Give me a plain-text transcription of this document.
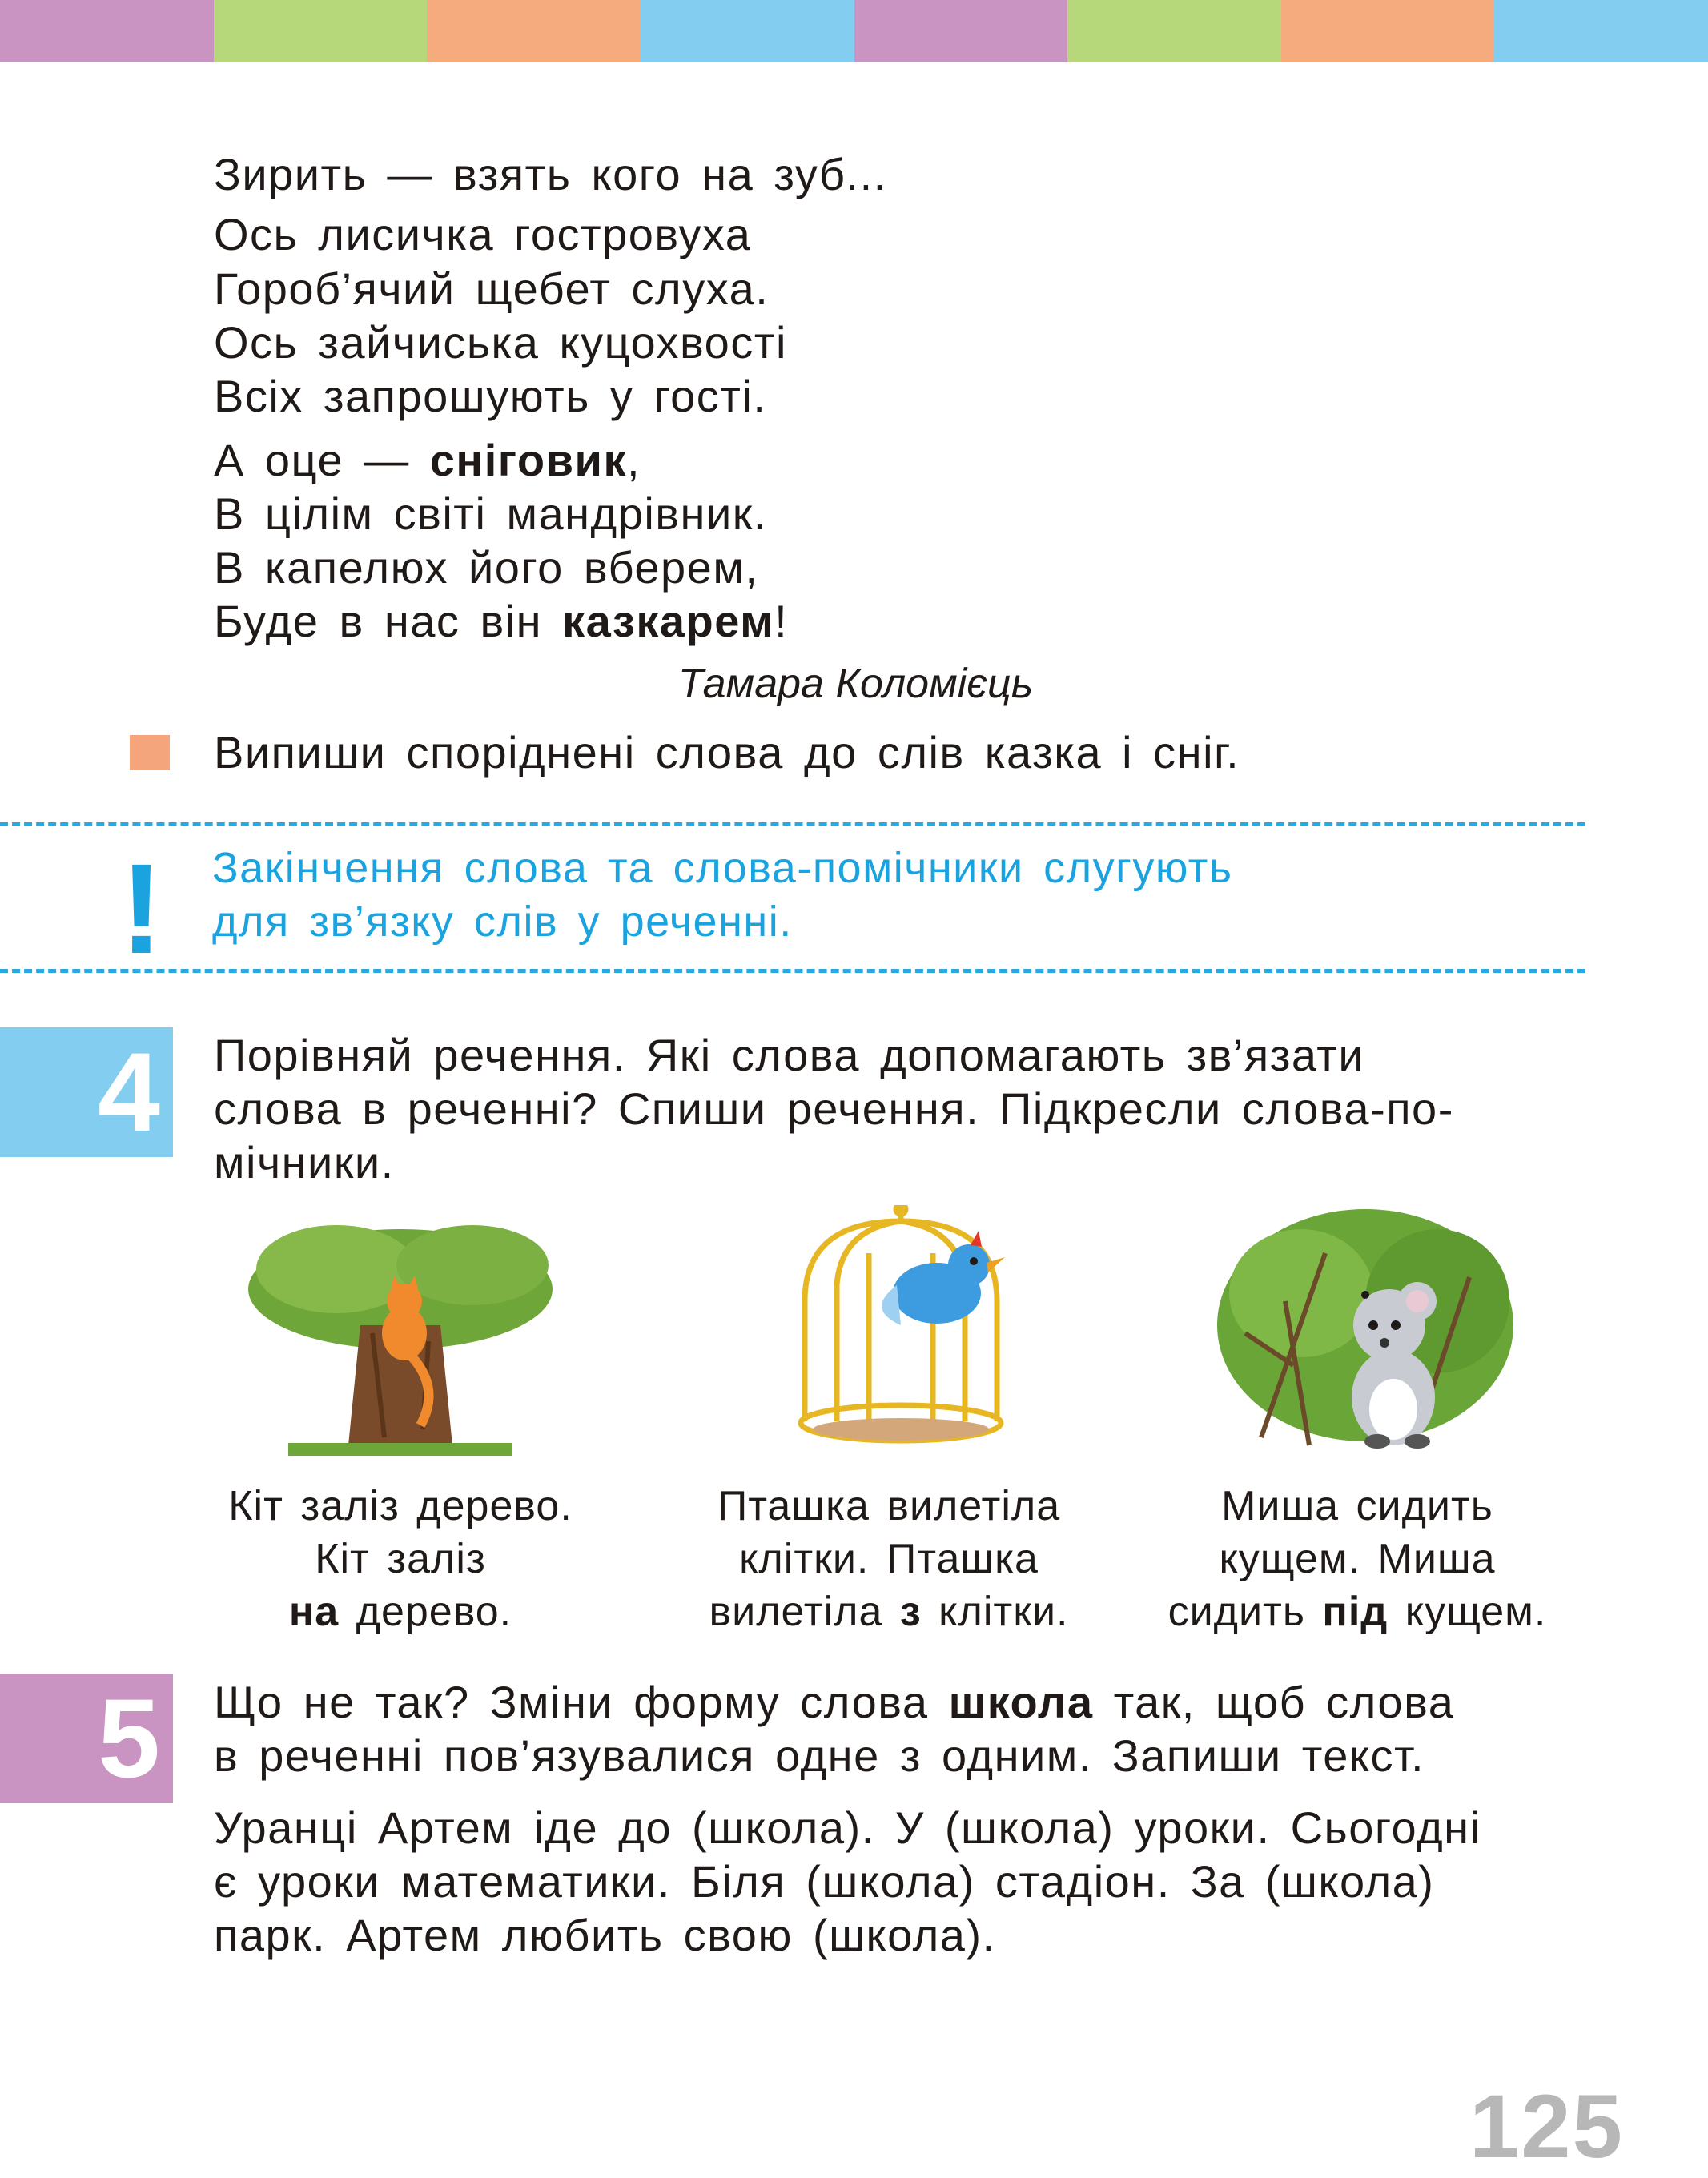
Зирить — взять кого на зуб...
Ось лисичка гостровуха
Гороб’ячий щебет слуха.
Ось зайчиська куцохвості
Всіх запрошують у гості.
А оце — сніговик,
В цілім світі мандрівник.
В капелюх його вберем,
Буде в нас він казкарем!
Тамара Коломієць
Випиши споріднені слова до слів казка і сніг.
! Закінчення слова та слова-помічники слугують
для зв’язку слів у реченні.
4 Порівняй речення. Які слова допомагають зв’язати
слова в реченні? Спиши речення. Підкресли слова-по-
мічники.
Кіт заліз дерево.
Кіт заліз
на дерево.
Пташка вилетіла
клітки. Пташка
вилетіла з клітки.
Миша сидить
кущем. Миша
сидить під кущем.
5 Що не так? Зміни форму слова школа так, щоб слова
в реченні пов’язувалися одне з одним. Запиши текст.
Уранці Артем іде до (школа). У (школа) уроки. Сьогодні
є уроки математики. Біля (школа) стадіон. За (школа)
парк. Артем любить свою (школа).
125
